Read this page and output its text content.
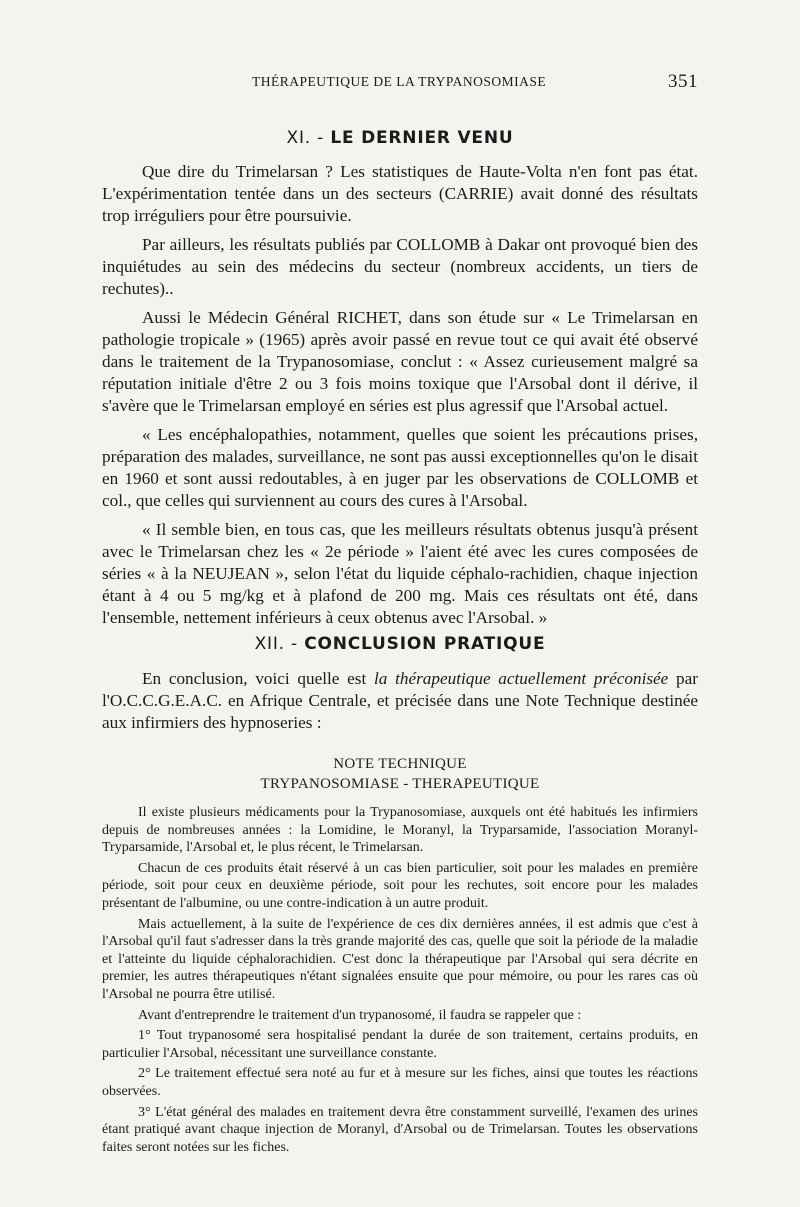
THÉRAPEUTIQUE DE LA TRYPANOSOMIASE	351
XI. - LE DERNIER VENU

Que dire du Trimelarsan ? Les statistiques de Haute-Volta n'en font pas état. L'expérimentation tentée dans un des secteurs (CARRIE) avait donné des résultats trop irréguliers pour être poursuivie.

Par ailleurs, les résultats publiés par COLLOMB à Dakar ont provoqué bien des inquiétudes au sein des médecins du secteur (nombreux accidents, un tiers de rechutes)..

Aussi le Médecin Général RICHET, dans son étude sur « Le Trimelarsan en pathologie tropicale » (1965) après avoir passé en revue tout ce qui avait été observé dans le traitement de la Trypanosomiase, conclut : « Assez curieusement malgré sa réputation initiale d'être 2 ou 3 fois moins toxique que l'Arsobal dont il dérive, il s'avère que le Trimelarsan employé en séries est plus agressif que l'Arsobal actuel.

« Les encéphalopathies, notamment, quelles que soient les précautions prises, préparation des malades, surveillance, ne sont pas aussi exceptionnelles qu'on le disait en 1960 et sont aussi redoutables, à en juger par les observations de COLLOMB et col., que celles qui surviennent au cours des cures à l'Arsobal.

« Il semble bien, en tous cas, que les meilleurs résultats obtenus jusqu'à présent avec le Trimelarsan chez les « 2e période » l'aient été avec les cures composées de séries « à la NEUJEAN », selon l'état du liquide céphalo-rachidien, chaque injection étant à 4 ou 5 mg/kg et à plafond de 200 mg. Mais ces résultats ont été, dans l'ensemble, nettement inférieurs à ceux obtenus avec l'Arsobal. »

XII. - CONCLUSION PRATIQUE

En conclusion, voici quelle est la thérapeutique actuellement préconisée par l'O.C.C.G.E.A.C. en Afrique Centrale, et précisée dans une Note Technique destinée aux infirmiers des hypnoseries :

NOTE TECHNIQUE
TRYPANOSOMIASE - THERAPEUTIQUE

Il existe plusieurs médicaments pour la Trypanosomiase, auxquels ont été habitués les infirmiers depuis de nombreuses années : la Lomidine, le Moranyl, la Tryparsamide, l'association Moranyl-Tryparsamide, l'Arsobal et, le plus récent, le Trimelarsan.

Chacun de ces produits était réservé à un cas bien particulier, soit pour les malades en première période, soit pour ceux en deuxième période, soit pour les rechutes, soit encore pour les malades présentant de l'albumine, ou une contre-indication à un autre produit.

Mais actuellement, à la suite de l'expérience de ces dix dernières années, il est admis que c'est à l'Arsobal qu'il faut s'adresser dans la très grande majorité des cas, quelle que soit la période de la maladie et l'atteinte du liquide céphalorachidien. C'est donc la thérapeutique par l'Arsobal qui sera décrite en premier, les autres thérapeutiques n'étant signalées ensuite que pour mémoire, ou pour les rares cas où l'Arsobal ne pourra être utilisé.

Avant d'entreprendre le traitement d'un trypanosomé, il faudra se rappeler que :

1° Tout trypanosomé sera hospitalisé pendant la durée de son traitement, certains produits, en particulier l'Arsobal, nécessitant une surveillance constante.

2° Le traitement effectué sera noté au fur et à mesure sur les fiches, ainsi que toutes les réactions observées.

3° L'état général des malades en traitement devra être constamment surveillé, l'examen des urines étant pratiqué avant chaque injection de Moranyl, d'Arsobal ou de Trimelarsan. Toutes les observations faites seront notées sur les fiches.
